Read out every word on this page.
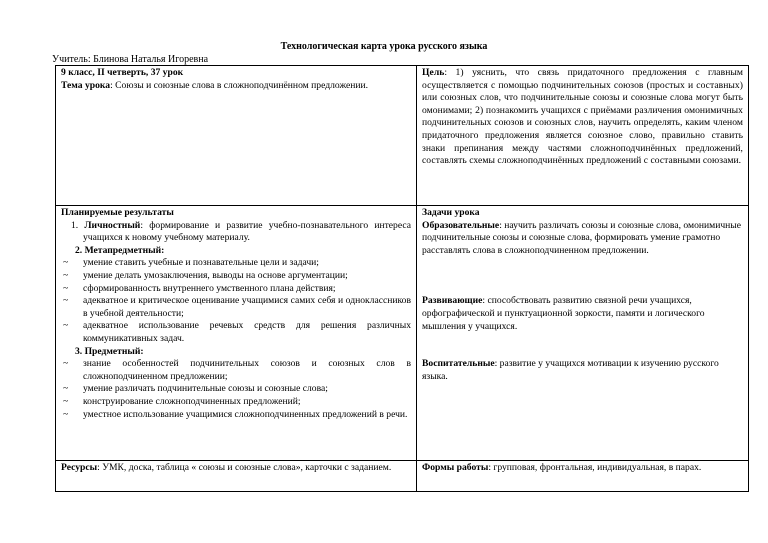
Технологическая карта урока русского языка
Учитель: Блинова Наталья Игоревна
9 класс, II четверть, 37 урок
Тема урока: Союзы и союзные слова в сложноподчинённом предложении.
Цель: 1) уяснить, что связь придаточного предложения с главным осуществляется с помощью подчинительных союзов (простых и составных) или союзных слов, что подчинительные союзы и союзные слова могут быть омонимами; 2) познакомить учащихся с приёмами различения омонимичных подчинительных союзов и союзных слов, научить определять, каким членом придаточного предложения является союзное слово, правильно ставить знаки препинания между частями сложноподчинённых предложений, составлять схемы сложноподчинённых предложений с составными союзами.
Планируемые результаты
1. Личностный: формирование и развитие учебно-познавательного интереса учащихся к новому учебному материалу.
2. Метапредметный:
~ умение ставить учебные и познавательные цели и задачи;
~ умение делать умозаключения, выводы на основе аргументации;
~ сформированность внутреннего умственного плана действия;
~ адекватное и критическое оценивание учащимися самих себя и одноклассников в учебной деятельности;
~ адекватное использование речевых средств для решения различных коммуникативных задач.
3. Предметный:
~ знание особенностей подчинительных союзов и союзных слов в сложноподчиненном предложении;
~ умение различать подчинительные союзы и союзные слова;
~ конструирование сложноподчиненных предложений;
~ уместное использование учащимися сложноподчиненных предложений в речи.
Задачи урока
Образовательные: научить различать союзы и союзные слова, омонимичные подчинительные союзы и союзные слова, формировать умение грамотно расставлять слова в сложноподчиненном предложении.
Развивающие: способствовать развитию связной речи учащихся, орфографической и пунктуационной зоркости, памяти и логического мышления у учащихся.
Воспитательные: развитие у учащихся мотивации к изучению русского языка.
Ресурсы: УМК, доска, таблица « союзы и союзные слова», карточки с заданием.	Формы работы: групповая, фронтальная, индивидуальная, в парах.
